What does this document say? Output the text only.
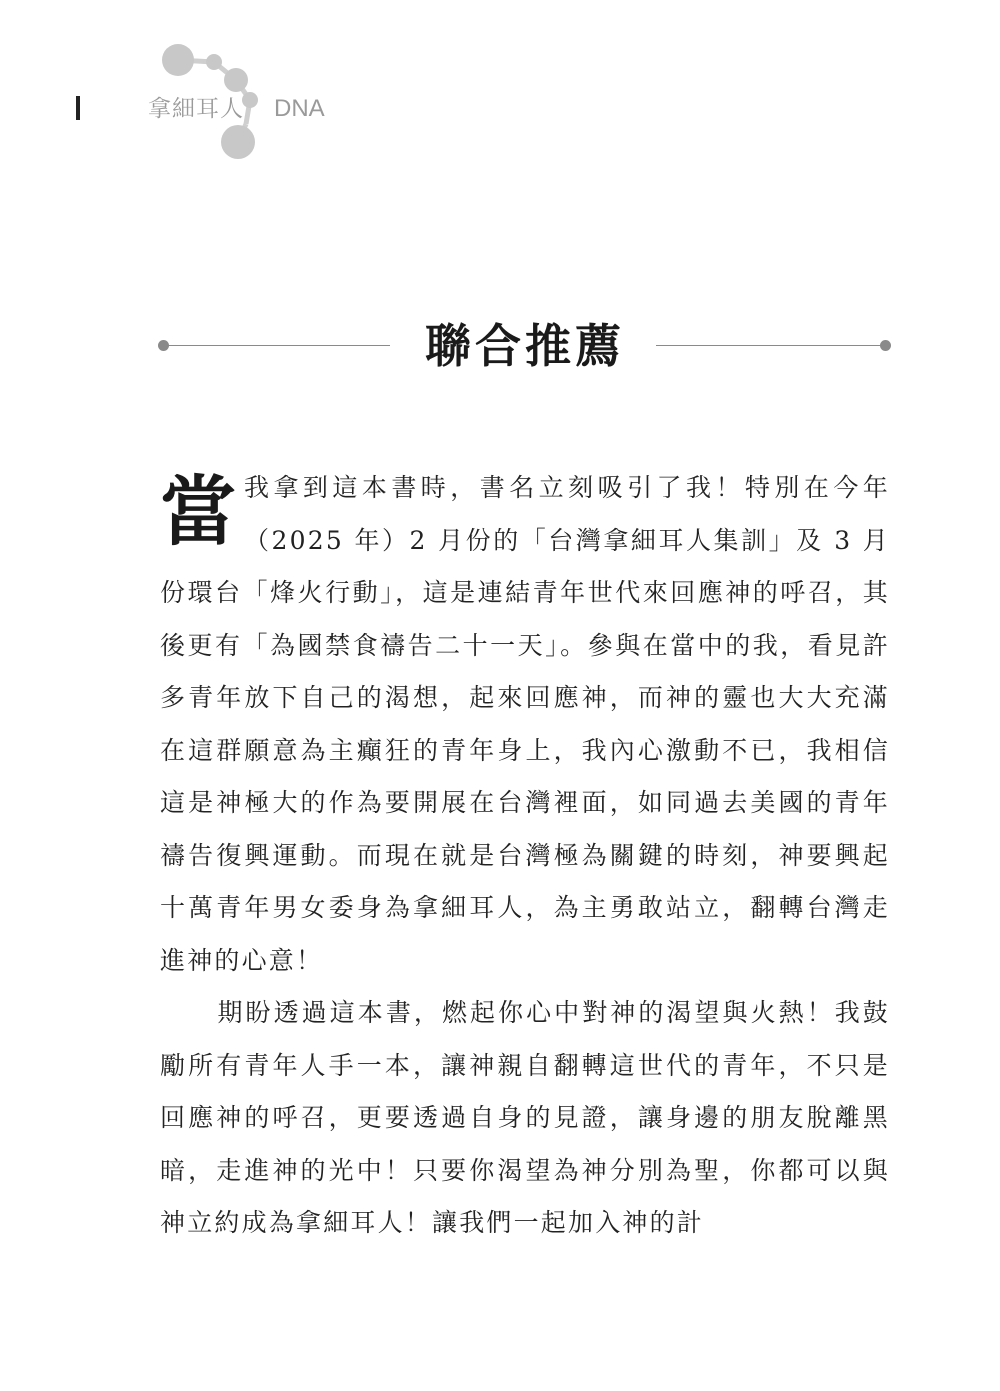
拿細耳人 DNA
聯合推薦

當我拿到這本書時，書名立刻吸引了我！特別在今年（2025 年）2 月份的「台灣拿細耳人集訓」及 3 月份環台「烽火行動」，這是連結青年世代來回應神的呼召，其後更有「為國禁食禱告二十一天」。參與在當中的我，看見許多青年放下自己的渴想，起來回應神，而神的靈也大大充滿在這群願意為主癲狂的青年身上，我內心激動不已，我相信這是神極大的作為要開展在台灣裡面，如同過去美國的青年禱告復興運動。而現在就是台灣極為關鍵的時刻，神要興起十萬青年男女委身為拿細耳人，為主勇敢站立，翻轉台灣走進神的心意！

期盼透過這本書，燃起你心中對神的渴望與火熱！我鼓勵所有青年人手一本，讓神親自翻轉這世代的青年，不只是回應神的呼召，更要透過自身的見證，讓身邊的朋友脫離黑暗，走進神的光中！只要你渴望為神分別為聖，你都可以與神立約成為拿細耳人！讓我們一起加入神的計
